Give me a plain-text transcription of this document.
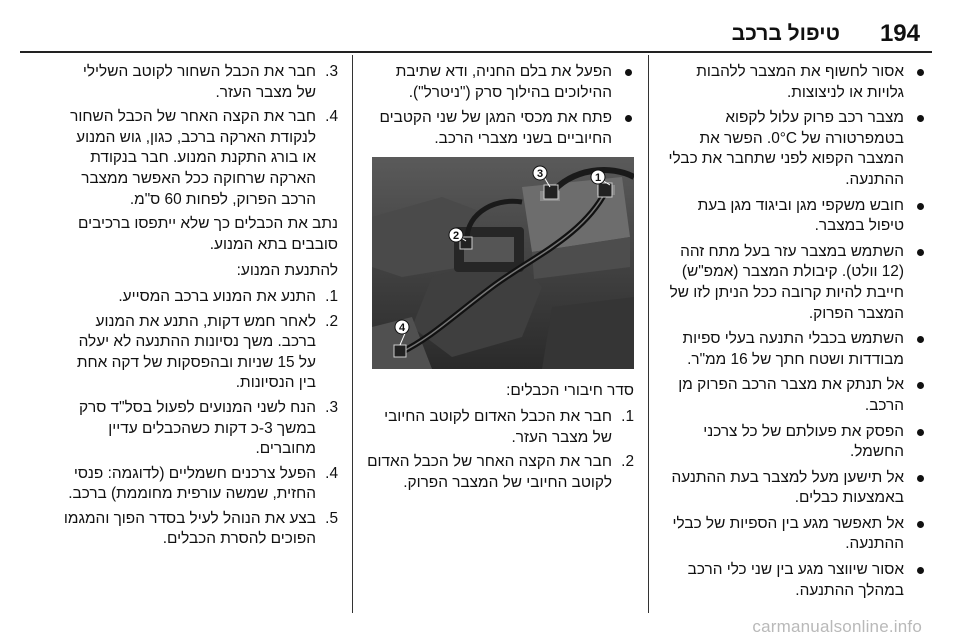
194
טיפול ברכב
אסור לחשוף את המצבר ללהבות גלויות או לניצוצות.
מצבר רכב פרוק עלול לקפוא בטמפרטורה של 0°C. הפשר את המצבר הקפוא לפני שתחבר את כבלי ההתנעה.
חובש משקפי מגן וביגוד מגן בעת טיפול במצבר.
השתמש במצבר עזר בעל מתח זהה (12 וולט). קיבולת המצבר (אמפ"ש) חייבת להיות קרובה ככל הניתן לזו של המצבר הפרוק.
השתמש בכבלי התנעה בעלי ספיות מבודדות ושטח חתך של 16 ממ"ר.
אל תנתק את מצבר הרכב הפרוק מן הרכב.
הפסק את פעולתם של כל צרכני החשמל.
אל תישען מעל למצבר בעת ההתנעה באמצעות כבלים.
אל תאפשר מגע בין הספיות של כבלי ההתנעה.
אסור שיווצר מגע בין שני כלי הרכב במהלך ההתנעה.
הפעל את בלם החניה, ודא שתיבת ההילוכים בהילוך סרק ("ניטרל").
פתח את מכסי המגן של שני הקטבים החיוביים בשני מצברי הרכב.
1
2
3
4
סדר חיבורי הכבלים:
1.
חבר את הכבל האדום לקוטב החיובי של מצבר העזר.
2.
חבר את הקצה האחר של הכבל האדום לקוטב החיובי של המצבר הפרוק.
3.
חבר את הכבל השחור לקוטב השלילי של מצבר העזר.
4.
חבר את הקצה האחר של הכבל השחור לנקודת הארקה ברכב, כגון, גוש המנוע או בורג התקנת המנוע. חבר בנקודת הארקה שרחוקה ככל האפשר ממצבר הרכב הפרוק, לפחות 60 ס"מ.
נתב את הכבלים כך שלא ייתפסו ברכיבים סובבים בתא המנוע.
להתנעת המנוע:
1.
התנע את המנוע ברכב המסייע.
2.
לאחר חמש דקות, התנע את המנוע ברכב. משך נסיונות ההתנעה לא יעלה על 15 שניות ובהפסקות של דקה אחת בין הנסיונות.
3.
הנח לשני המנועים לפעול בסל"ד סרק במשך 3-כ דקות כשהכבלים עדיין מחוברים.
4.
הפעל צרכנים חשמליים (לדוגמה: פנסי החזית, שמשה עורפית מחוממת) ברכב.
5.
בצע את הנוהל לעיל בסדר הפוך והמגמו הפוכים להסרת הכבלים.
carmanualsonline.info
